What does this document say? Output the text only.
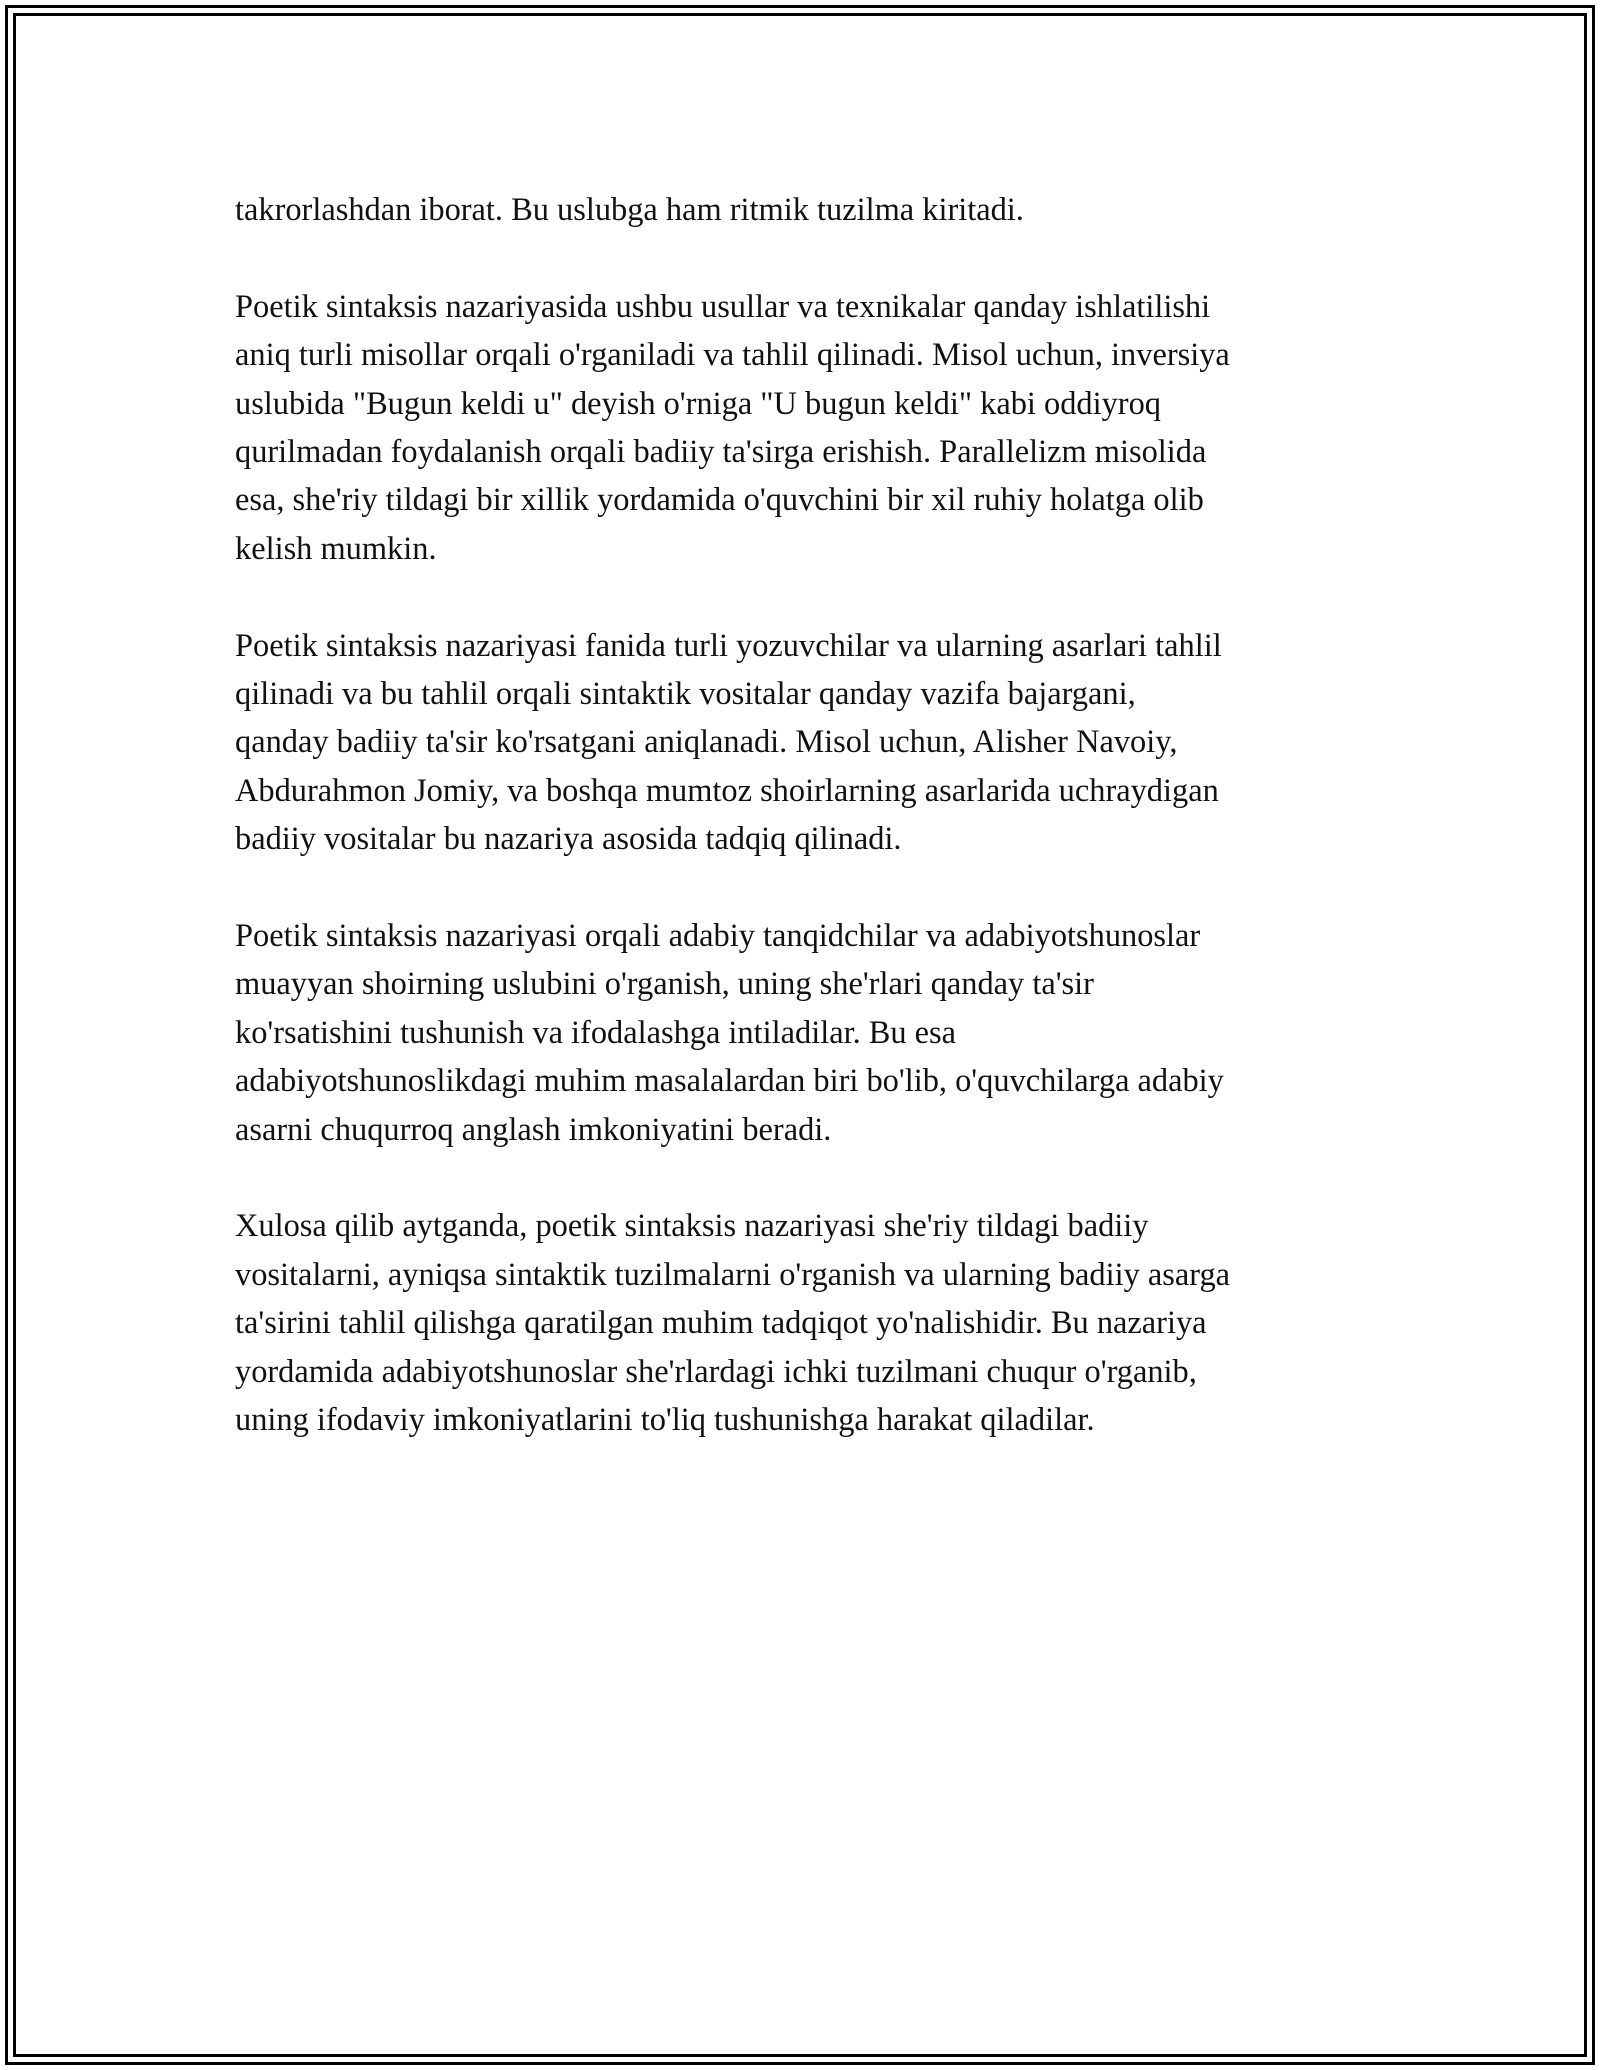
takrorlashdan iborat. Bu uslubga ham ritmik tuzilma kiritadi.

Poetik sintaksis nazariyasida ushbu usullar va texnikalar qanday ishlatilishi
aniq turli misollar orqali o'rganiladi va tahlil qilinadi. Misol uchun, inversiya
uslubida "Bugun keldi u" deyish o'rniga "U bugun keldi" kabi oddiyroq
qurilmadan foydalanish orqali badiiy ta'sirga erishish. Parallelizm misolida
esa, she'riy tildagi bir xillik yordamida o'quvchini bir xil ruhiy holatga olib
kelish mumkin.

Poetik sintaksis nazariyasi fanida turli yozuvchilar va ularning asarlari tahlil
qilinadi va bu tahlil orqali sintaktik vositalar qanday vazifa bajargani,
qanday badiiy ta'sir ko'rsatgani aniqlanadi. Misol uchun, Alisher Navoiy,
Abdurahmon Jomiy, va boshqa mumtoz shoirlarning asarlarida uchraydigan
badiiy vositalar bu nazariya asosida tadqiq qilinadi.

Poetik sintaksis nazariyasi orqali adabiy tanqidchilar va adabiyotshunoslar
muayyan shoirning uslubini o'rganish, uning she'rlari qanday ta'sir
ko'rsatishini tushunish va ifodalashga intiladilar. Bu esa
adabiyotshunoslikdagi muhim masalalardan biri bo'lib, o'quvchilarga adabiy
asarni chuqurroq anglash imkoniyatini beradi.

Xulosa qilib aytganda, poetik sintaksis nazariyasi she'riy tildagi badiiy
vositalarni, ayniqsa sintaktik tuzilmalarni o'rganish va ularning badiiy asarga
ta'sirini tahlil qilishga qaratilgan muhim tadqiqot yo'nalishidir. Bu nazariya
yordamida adabiyotshunoslar she'rlardagi ichki tuzilmani chuqur o'rganib,
uning ifodaviy imkoniyatlarini to'liq tushunishga harakat qiladilar.
